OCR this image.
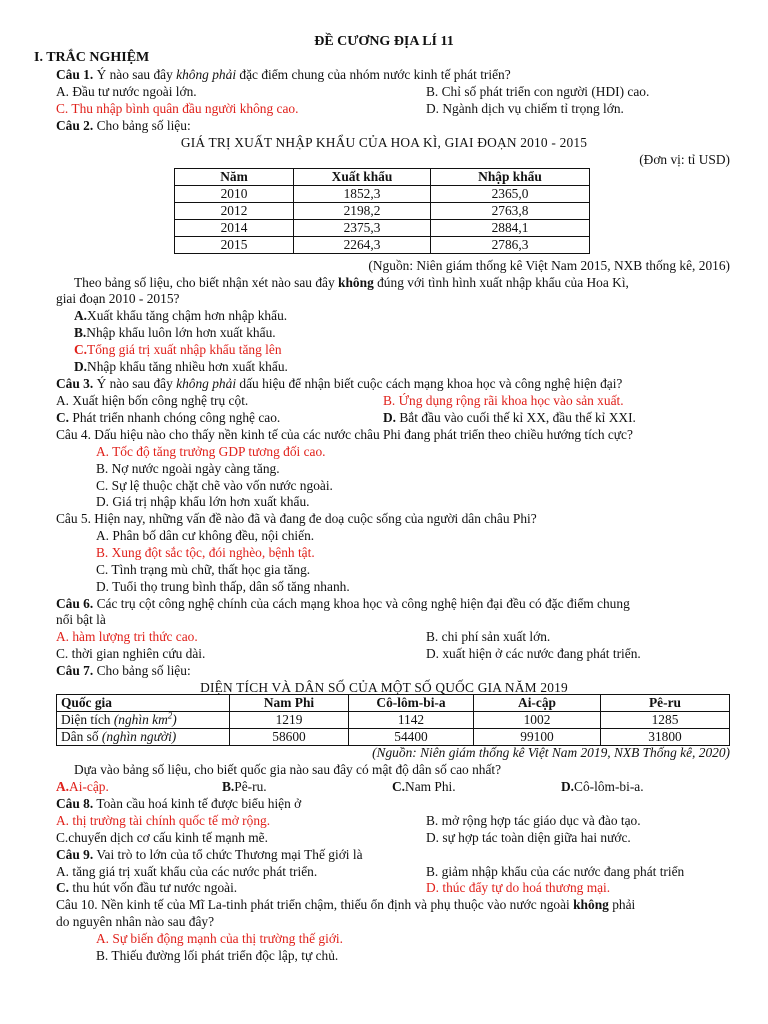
ĐỀ CƯƠNG ĐỊA LÍ 11
I. TRẮC NGHIỆM
Câu 1. Ý nào sau đây không phải đặc điểm chung của nhóm nước kinh tế phát triển?
A. Đầu tư nước ngoài lớn.	B. Chỉ số phát triển con người (HDI) cao.
C. Thu nhập bình quân đầu người không cao.	D. Ngành dịch vụ chiếm tỉ trọng lớn.
Câu 2. Cho bảng số liệu:
GIÁ TRỊ XUẤT NHẬP KHẨU CỦA HOA KÌ, GIAI ĐOẠN 2010 - 2015
(Đơn vị: tỉ USD)
Năm	Xuất khẩu	Nhập khẩu
2010	1852,3	2365,0
2012	2198,2	2763,8
2014	2375,3	2884,1
2015	2264,3	2786,3
(Nguồn: Niên giám thống kê Việt Nam 2015, NXB thống kê, 2016)
Theo bảng số liệu, cho biết nhận xét nào sau đây không đúng với tình hình xuất nhập khẩu của Hoa Kì,
giai đoạn 2010 - 2015?
A.Xuất khẩu tăng chậm hơn nhập khẩu.
B.Nhập khẩu luôn lớn hơn xuất khẩu.
C.Tổng giá trị xuất nhập khẩu tăng lên
D.Nhập khẩu tăng nhiều hơn xuất khẩu.
Câu 3. Ý nào sau đây không phải dấu hiệu để nhận biết cuộc cách mạng khoa học và công nghệ hiện đại?
A. Xuất hiện bốn công nghệ trụ cột.	B. Ứng dụng rộng rãi khoa học vào sản xuất.
C. Phát triển nhanh chóng công nghệ cao.	D. Bắt đầu vào cuối thế kỉ XX, đầu thế kỉ XXI.
Câu 4. Dấu hiệu nào cho thấy nền kinh tế của các nước châu Phi đang phát triển theo chiều hướng tích cực?
A. Tốc độ tăng trưởng GDP tương đối cao.
B. Nợ nước ngoài ngày càng tăng.
C. Sự lệ thuộc chặt chẽ vào vốn nước ngoài.
D. Giá trị nhập khẩu lớn hơn xuất khẩu.
Câu 5. Hiện nay, những vấn đề nào đã và đang đe doạ cuộc sống của người dân châu Phi?
A. Phân bố dân cư không đều, nội chiến.
B. Xung đột sắc tộc, đói nghèo, bệnh tật.
C. Tình trạng mù chữ, thất học gia tăng.
D. Tuổi thọ trung bình thấp, dân số tăng nhanh.
Câu 6. Các trụ cột công nghệ chính của cách mạng khoa học và công nghệ hiện đại đều có đặc điểm chung
nổi bật là
A. hàm lượng tri thức cao.	B. chi phí sản xuất lớn.
C. thời gian nghiên cứu dài.	D. xuất hiện ở các nước đang phát triển.
Câu 7. Cho bảng số liệu:
DIỆN TÍCH VÀ DÂN SỐ CỦA MỘT SỐ QUỐC GIA NĂM 2019
Quốc gia	Nam Phi	Cô-lôm-bi-a	Ai-cập	Pê-ru
Diện tích (nghìn $km^2$)	1219	1142	1002	1285
Dân số (nghìn người)	58600	54400	99100	31800
(Nguồn: Niên giám thống kê Việt Nam 2019, NXB Thống kê, 2020)
Dựa vào bảng số liệu, cho biết quốc gia nào sau đây có mật độ dân số cao nhất?
A.Ai-cập.	B.Pê-ru.	C.Nam Phi.	D.Cô-lôm-bi-a.
Câu 8. Toàn cầu hoá kinh tế được biểu hiện ở
A. thị trường tài chính quốc tế mở rộng.	B. mở rộng hợp tác giáo dục và đào tạo.
C.chuyển dịch cơ cấu kinh tế mạnh mẽ.	D. sự hợp tác toàn diện giữa hai nước.
Câu 9. Vai trò to lớn của tổ chức Thương mại Thế giới là
A. tăng giá trị xuất khẩu của các nước phát triển.	B. giảm nhập khẩu của các nước đang phát triển
C. thu hút vốn đầu tư nước ngoài.	D. thúc đẩy tự do hoá thương mại.
Câu 10. Nền kinh tế của Mĩ La-tinh phát triển chậm, thiếu ổn định và phụ thuộc vào nước ngoài không phải
do nguyên nhân nào sau đây?
A. Sự biến động mạnh của thị trường thế giới.
B. Thiếu đường lối phát triển độc lập, tự chủ.
